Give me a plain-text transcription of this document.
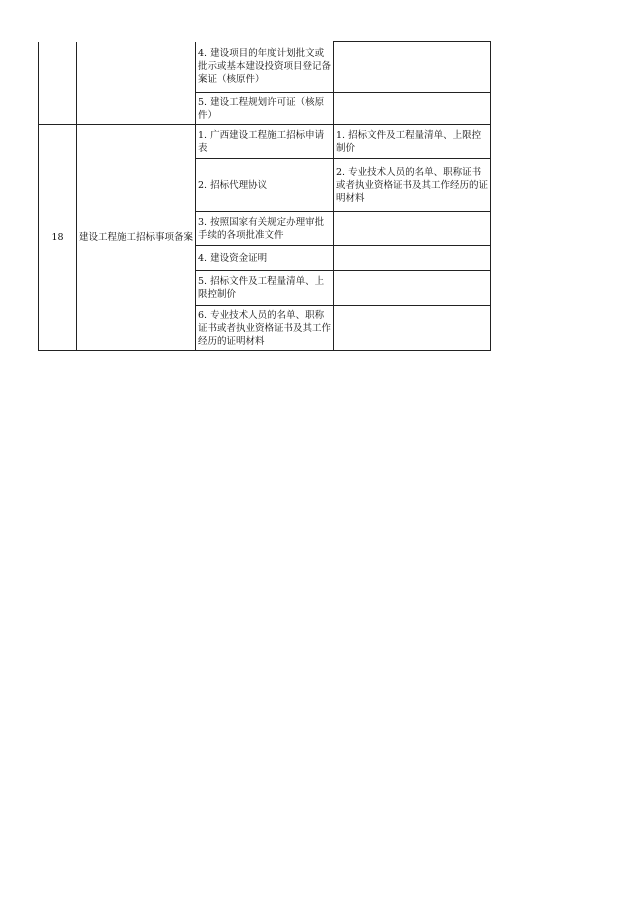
		4. 建设项目的年度计划批文或批示或基本建设投资项目登记备案证（核原件）	
		5. 建设工程规划许可证（核原件）	
18	建设工程施工招标事项备案	1. 广西建设工程施工招标申请表	1. 招标文件及工程量清单、上限控制价
		2. 招标代理协议	2. 专业技术人员的名单、职称证书或者执业资格证书及其工作经历的证明材料
		3. 按照国家有关规定办理审批手续的各项批准文件	
		4. 建设资金证明	
		5. 招标文件及工程量清单、上限控制价	
		6. 专业技术人员的名单、职称证书或者执业资格证书及其工作经历的证明材料	
